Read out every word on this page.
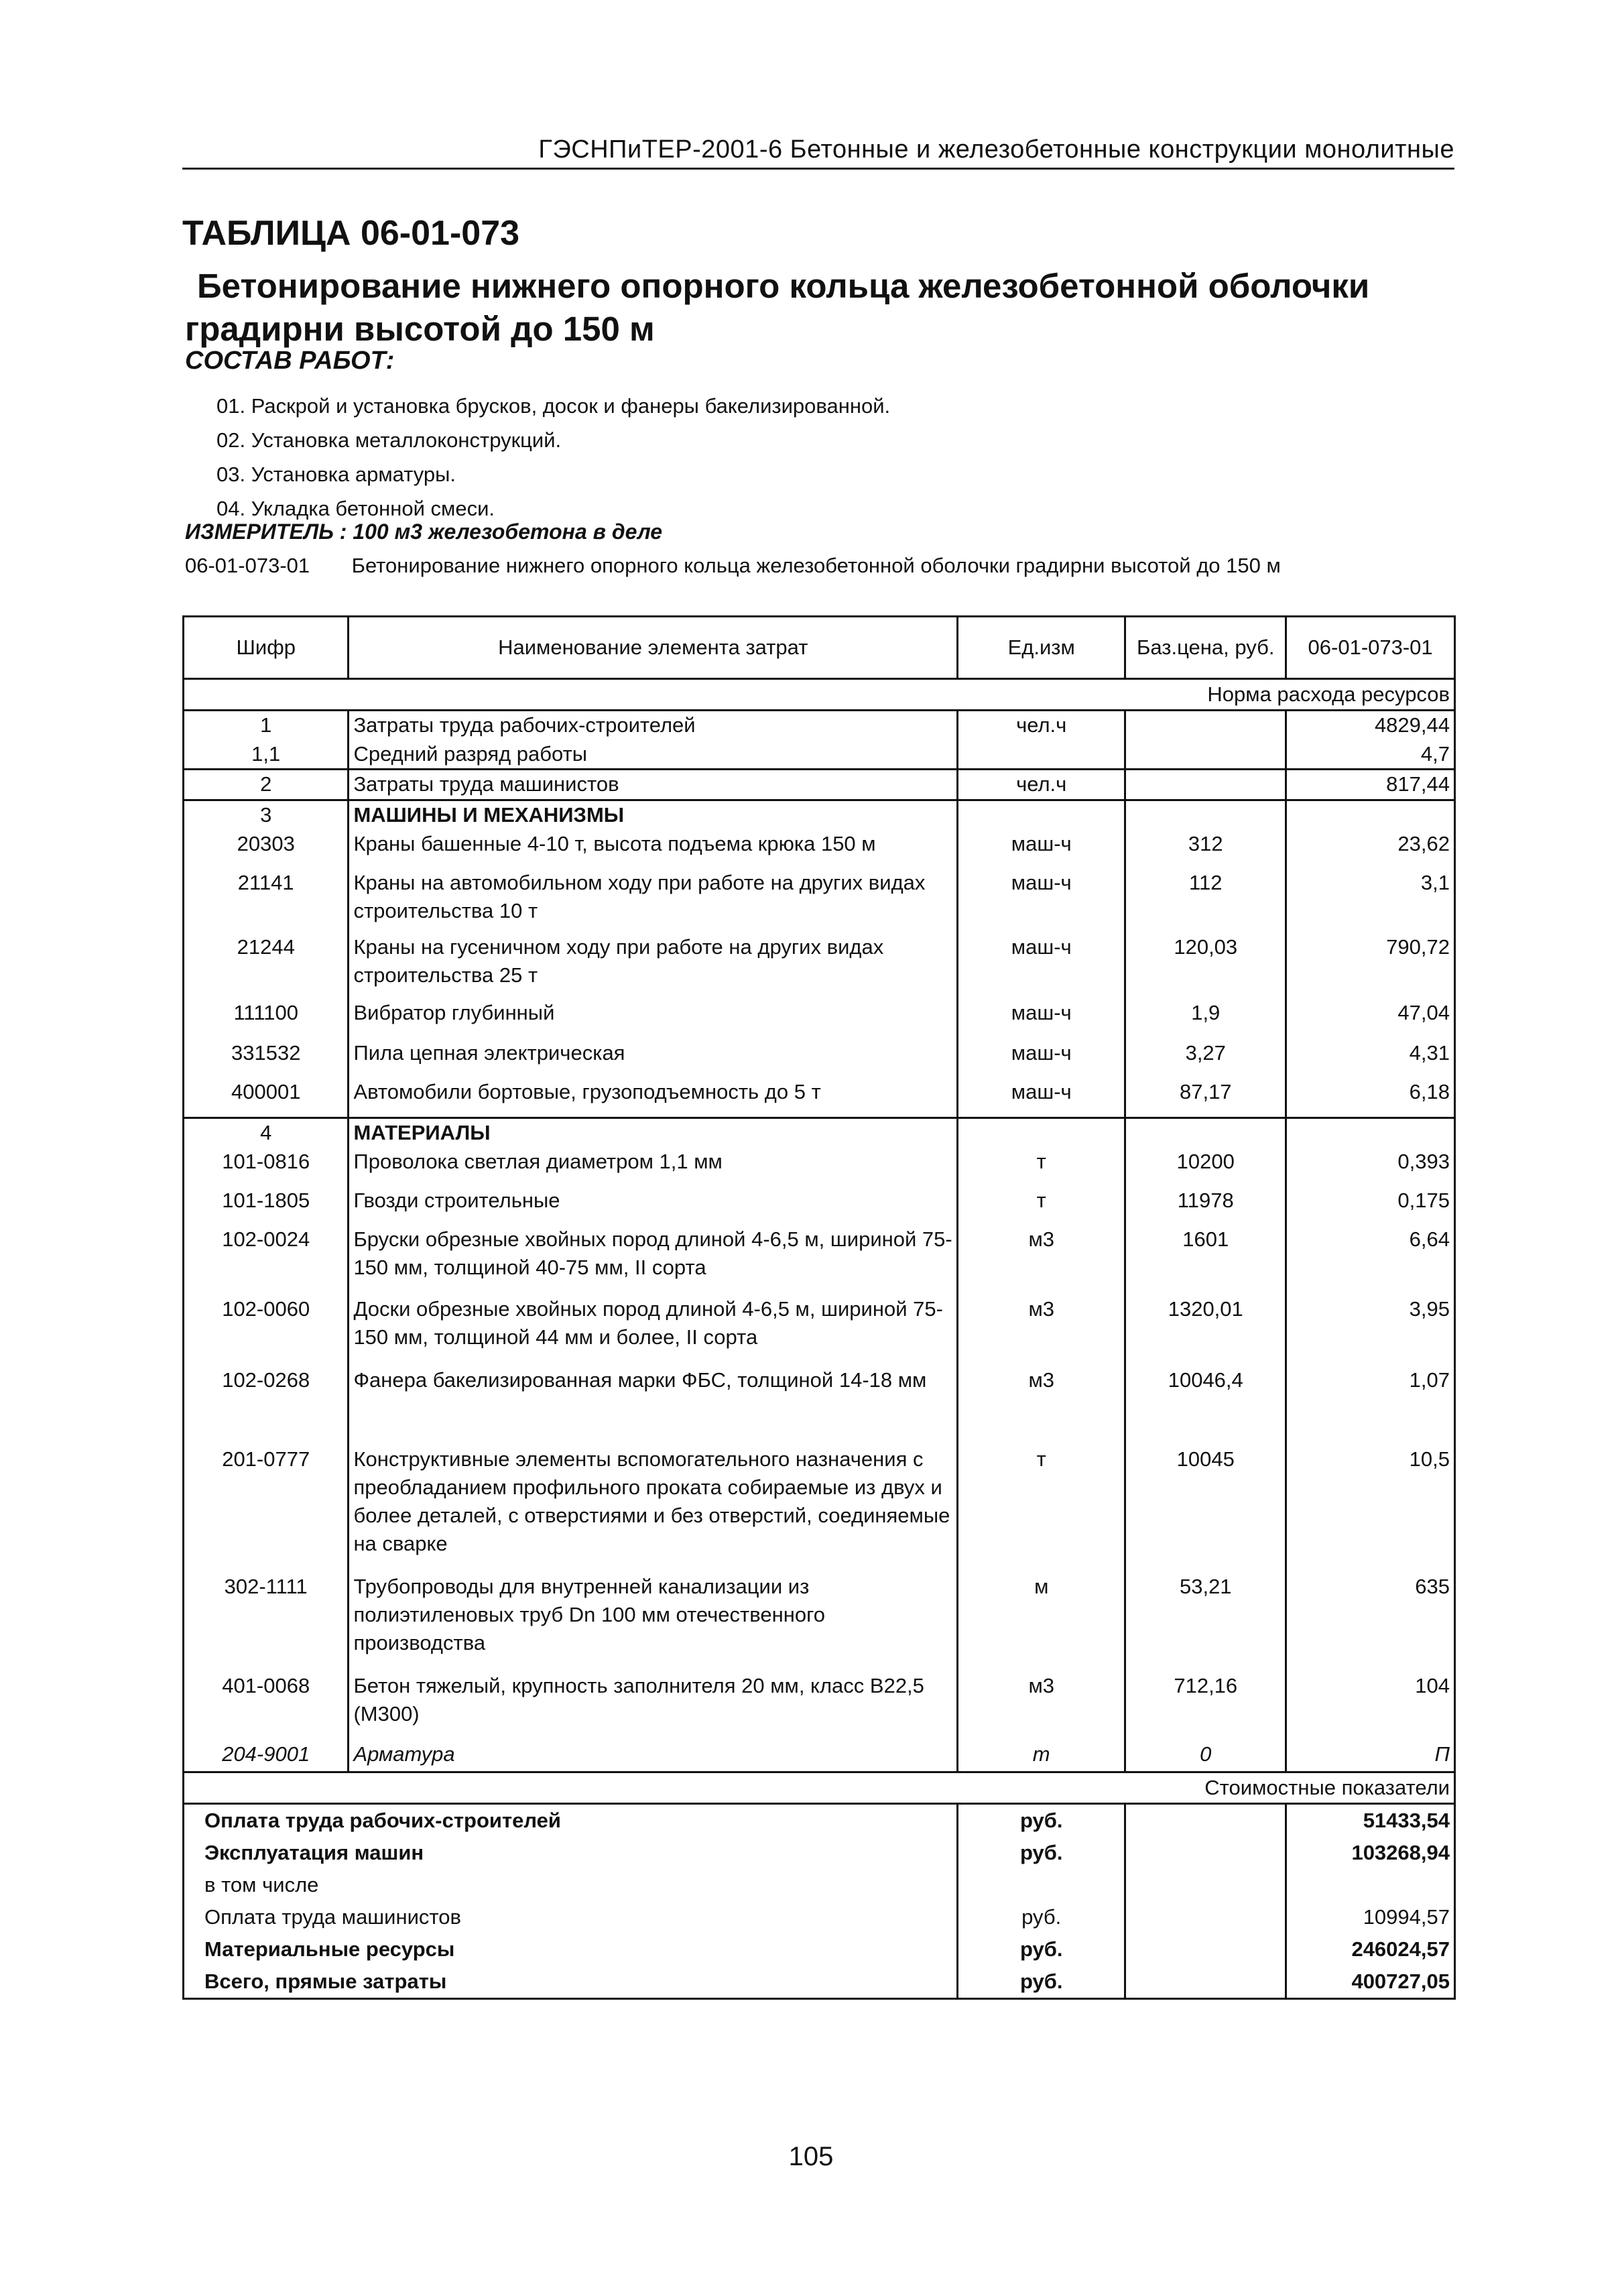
ГЭСНПиТЕР-2001-6 Бетонные и железобетонные конструкции монолитные
ТАБЛИЦА 06-01-073
Бетонирование нижнего опорного кольца железобетонной оболочки
градирни высотой до 150 м
СОСТАВ РАБОТ:
01. Раскрой и установка брусков, досок и фанеры бакелизированной.
02. Установка металлоконструкций.
03. Установка арматуры.
04. Укладка бетонной смеси.
ИЗМЕРИТЕЛЬ : 100 м3 железобетона в деле
06-01-073-01 Бетонирование нижнего опорного кольца железобетонной оболочки градирни высотой до 150 м
Шифр	Наименование элемента затрат	Ед.изм	Баз.цена, руб.	06-01-073-01
Норма расхода ресурсов				
1	Затраты труда рабочих-строителей	чел.ч		4829,44
1,1	Средний разряд работы			4,7
2	Затраты труда машинистов	чел.ч		817,44
3	МАШИНЫ И МЕХАНИЗМЫ			
20303	Краны башенные 4-10 т, высота подъема крюка 150 м	маш-ч	312	23,62
21141	Краны на автомобильном ходу при работе на других видах строительства 10 т	маш-ч	112	3,1
21244	Краны на гусеничном ходу при работе на других видах строительства 25 т	маш-ч	120,03	790,72
111100	Вибратор глубинный	маш-ч	1,9	47,04
331532	Пила цепная электрическая	маш-ч	3,27	4,31
400001	Автомобили бортовые, грузоподъемность до 5 т	маш-ч	87,17	6,18
4	МАТЕРИАЛЫ			
101-0816	Проволока светлая диаметром 1,1 мм	т	10200	0,393
101-1805	Гвозди строительные	т	11978	0,175
102-0024	Бруски обрезные хвойных пород длиной 4-6,5 м, шириной 75-150 мм, толщиной 40-75 мм, II сорта	м3	1601	6,64
102-0060	Доски обрезные хвойных пород длиной 4-6,5 м, шириной 75-150 мм, толщиной 44 мм и более, II сорта	м3	1320,01	3,95
102-0268	Фанера бакелизированная марки ФБС, толщиной 14-18 мм	м3	10046,4	1,07
201-0777	Конструктивные элементы вспомогательного назначения с преобладанием профильного проката собираемые из двух и более деталей, с отверстиями и без отверстий, соединяемые на сварке	т	10045	10,5
302-1111	Трубопроводы для внутренней канализации из полиэтиленовых труб Dn 100 мм отечественного производства	м	53,21	635
401-0068	Бетон тяжелый, крупность заполнителя 20 мм, класс B22,5 (М300)	м3	712,16	104
204-9001	Арматура	т	0	П
Стоимостные показатели				
Оплата труда рабочих-строителей		руб.		51433,54
Эксплуатация машин		руб.		103268,94
в том числе				
Оплата труда машинистов		руб.		10994,57
Материальные ресурсы		руб.		246024,57
Всего, прямые затраты		руб.		400727,05
105
